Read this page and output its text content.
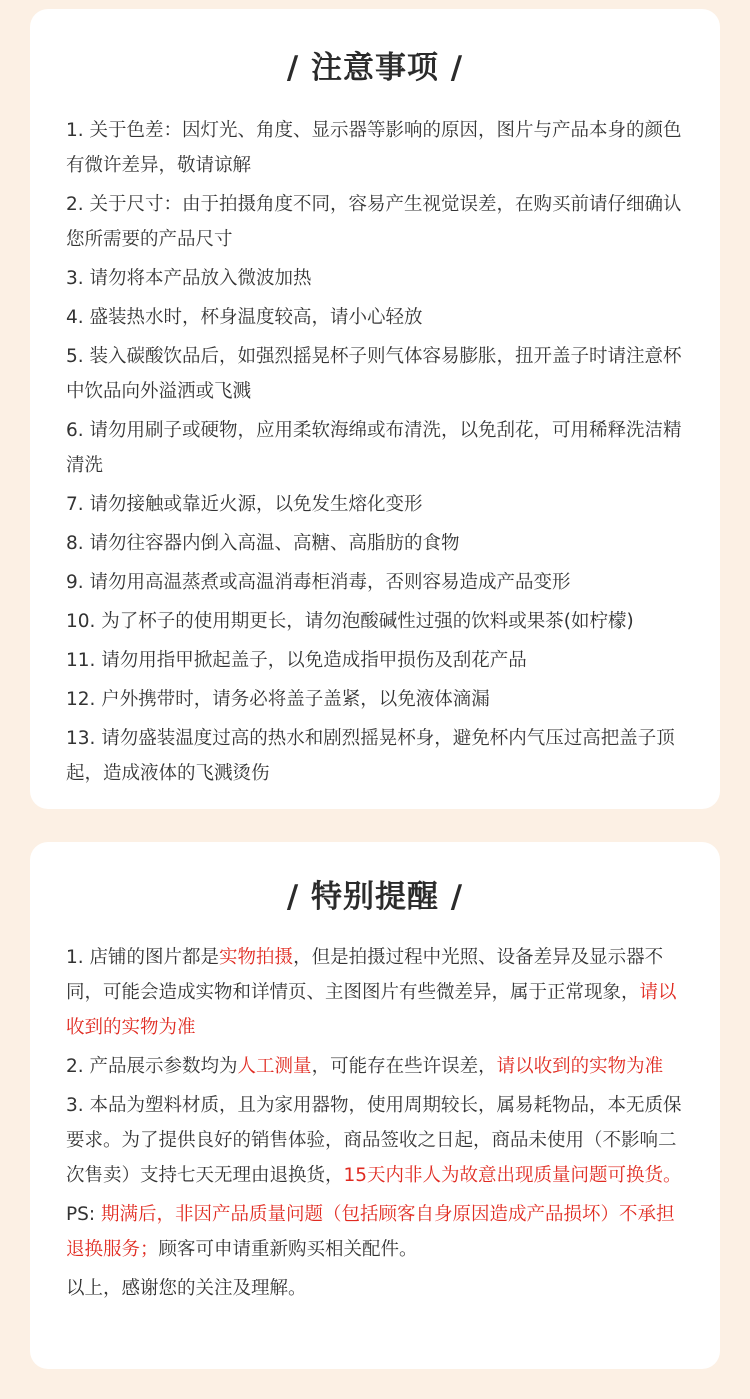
/ 注意事项 /
1. 关于色差：因灯光、角度、显示器等影响的原因，图片与产品本身的颜色有微许差异，敬请谅解
2. 关于尺寸：由于拍摄角度不同，容易产生视觉误差，在购买前请仔细确认您所需要的产品尺寸
3. 请勿将本产品放入微波加热
4. 盛装热水时，杯身温度较高，请小心轻放
5. 装入碳酸饮品后，如强烈摇晃杯子则气体容易膨胀，扭开盖子时请注意杯中饮品向外溢洒或飞溅
6. 请勿用刷子或硬物，应用柔软海绵或布清洗，以免刮花，可用稀释洗洁精清洗
7. 请勿接触或靠近火源，以免发生熔化变形
8. 请勿往容器内倒入高温、高糖、高脂肪的食物
9. 请勿用高温蒸煮或高温消毒柜消毒，否则容易造成产品变形
10. 为了杯子的使用期更长，请勿泡酸碱性过强的饮料或果茶(如柠檬)
11. 请勿用指甲掀起盖子，以免造成指甲损伤及刮花产品
12. 户外携带时，请务必将盖子盖紧，以免液体滴漏
13. 请勿盛装温度过高的热水和剧烈摇晃杯身，避免杯内气压过高把盖子顶起，造成液体的飞溅烫伤
/ 特别提醒 /
1. 店铺的图片都是实物拍摄，但是拍摄过程中光照、设备差异及显示器不同，可能会造成实物和详情页、主图图片有些微差异，属于正常现象，请以收到的实物为准
2. 产品展示参数均为人工测量，可能存在些许误差，请以收到的实物为准
3. 本品为塑料材质，且为家用器物，使用周期较长，属易耗物品，本无质保要求。为了提供良好的销售体验，商品签收之日起，商品未使用（不影响二次售卖）支持七天无理由退换货，15天内非人为故意出现质量问题可换货。
PS: 期满后，非因产品质量问题（包括顾客自身原因造成产品损坏）不承担退换服务；顾客可申请重新购买相关配件。
以上，感谢您的关注及理解。
